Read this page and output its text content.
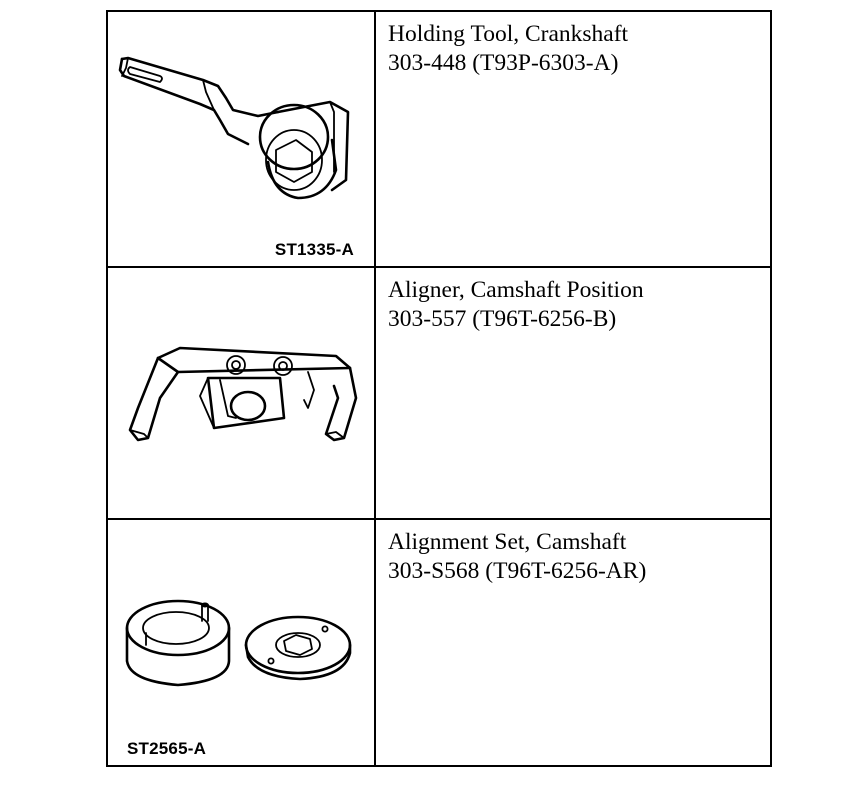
ST1335-A
Holding Tool, Crankshaft
303-448 (T93P-6303-A)
Aligner, Camshaft Position
303-557 (T96T-6256-B)
ST2565-A
Alignment Set, Camshaft
303-S568 (T96T-6256-AR)
